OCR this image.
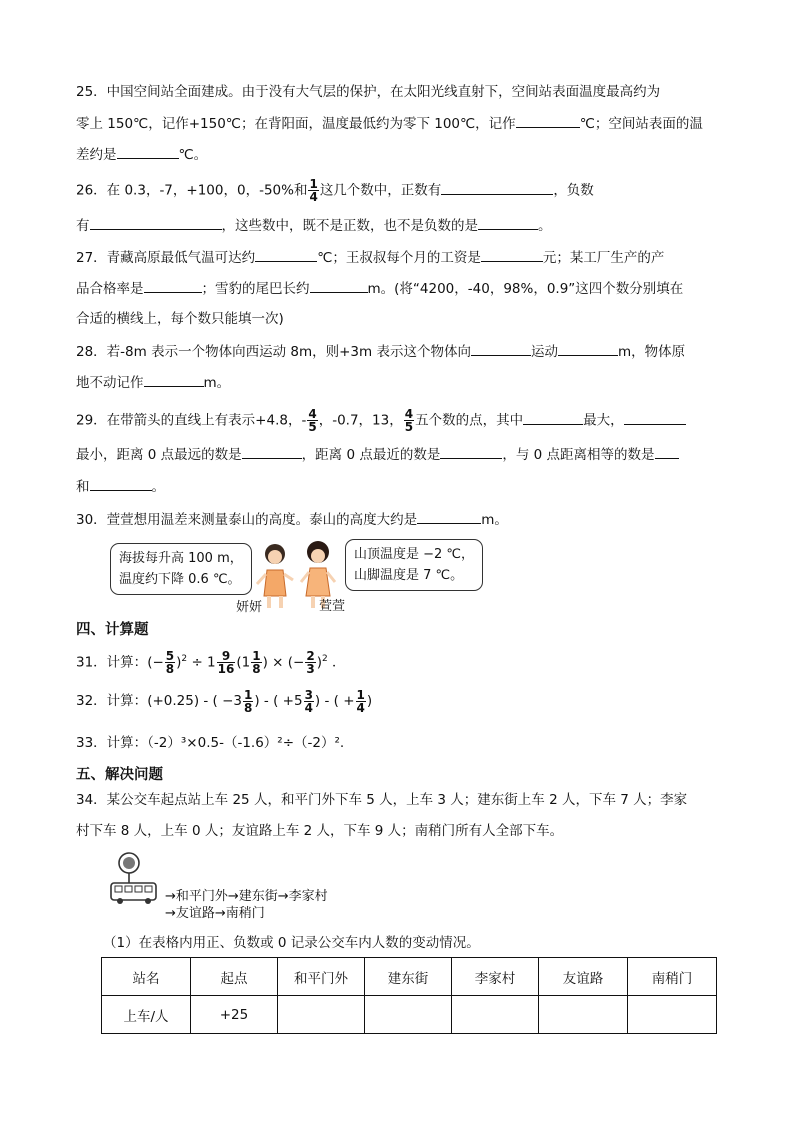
25．中国空间站全面建成。由于没有大气层的保护，在太阳光线直射下，空间站表面温度最高约为
零上 150℃，记作+150℃；在背阳面，温度最低约为零下 100℃，记作	℃；空间站表面的温
差约是	℃。
26．在 0.3，-7，+100，0，-50%和 $\frac{1}{4}$ 这几个数中，正数有	，负数
有	，这些数中，既不是正数，也不是负数的是	。
27．青藏高原最低气温可达约	℃；王叔叔每个月的工资是	元；某工厂生产的产
品合格率是	；雪豹的尾巴长约	m。(将“4200，-40，98%，0.9”这四个数分别填在
合适的横线上，每个数只能填一次)
28．若-8m 表示一个物体向西运动 8m，则+3m 表示这个物体向	运动	m，物体原
地不动记作	m。
29．在带箭头的直线上有表示+4.8，- $\frac{4}{5}$ ，-0.7，13， $\frac{4}{5}$ 五个数的点，其中	最大，
最小，距离 0 点最远的数是	，距离 0 点最近的数是	，与 0 点距离相等的数是
和	。
30．萱萱想用温差来测量泰山的高度。泰山的高度大约是	m。
海拔每升高 100 m，
温度约下降 0.6 ℃。
山顶温度是 −2 ℃，
山脚温度是 7 ℃。
妍妍	萱萱
四、计算题
31．计算：(− $\frac{5}{8} )^2 \div 1 \frac{9}{16} (1 \frac{1}{8}$ ) × (− $\frac{2}{3} )^2$ ．
32．计算：(+0.25) - ( $-3 \frac{1}{8}$ ) - ( $+5 \frac{3}{4}$ ) - ( + $\frac{1}{4}$ )
33．计算：（-2）³×0.5-（-1.6）²÷（-2）².
五、解决问题
34．某公交车起点站上车 25 人，和平门外下车 5 人，上车 3 人；建东街上车 2 人，下车 7 人；李家
村下车 8 人，上车 0 人；友谊路上车 2 人，下车 9 人；南稍门所有人全部下车。
→和平门外→建东街→李家村
→友谊路→南稍门
（1）在表格内用正、负数或 0 记录公交车内人数的变动情况。
站名	起点	和平门外	建东街	李家村	友谊路	南稍门
上车/人	+25					
